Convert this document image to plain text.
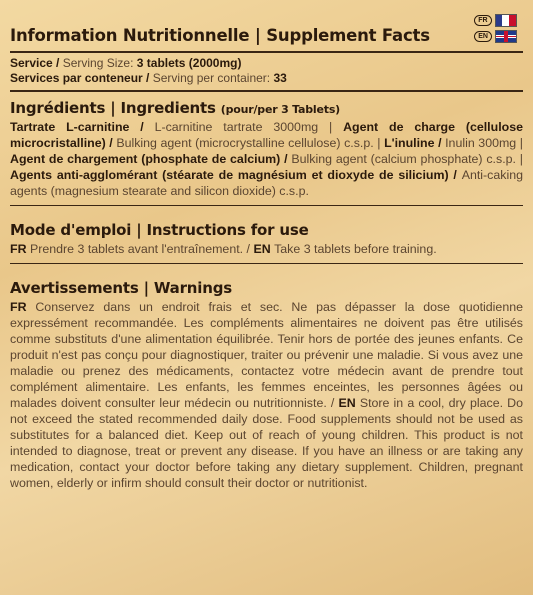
Information Nutritionnelle | Supplement Facts
FR
EN
Service / Serving Size: 3 tablets (2000mg)
Services par conteneur / Serving per container: 33
Ingrédients | Ingredients (pour/per 3 Tablets)
Tartrate L-carnitine / L-carnitine tartrate 3000mg | Agent de charge (cellulose microcristalline) / Bulking agent (microcrystalline cellulose) c.s.p. | L'inuline / Inulin 300mg | Agent de chargement (phosphate de calcium) / Bulking agent (calcium phosphate) c.s.p. | Agents anti-agglomérant (stéarate de magnésium et dioxyde de silicium) / Anti-caking agents (magnesium stearate and silicon dioxide) c.s.p.
Mode d'emploi | Instructions for use
FR Prendre 3 tablets avant l'entraînement. / EN Take 3 tablets before training.
Avertissements | Warnings
FR Conservez dans un endroit frais et sec. Ne pas dépasser la dose quotidienne expressément recommandée. Les compléments alimentaires ne doivent pas être utilisés comme substituts d'une alimentation équilibrée. Tenir hors de portée des jeunes enfants. Ce produit n'est pas conçu pour diagnostiquer, traiter ou prévenir une maladie. Si vous avez une maladie ou prenez des médicaments, contactez votre médecin avant de prendre tout complément alimentaire. Les enfants, les femmes enceintes, les personnes âgées ou malades doivent consulter leur médecin ou nutritionniste. / EN Store in a cool, dry place. Do not exceed the stated recommended daily dose. Food supplements should not be used as substitutes for a balanced diet. Keep out of reach of young children. This product is not intended to diagnose, treat or prevent any disease. If you have an illness or are taking any medication, contact your doctor before taking any dietary supplement. Children, pregnant women, elderly or infirm should consult their doctor or nutritionist.
